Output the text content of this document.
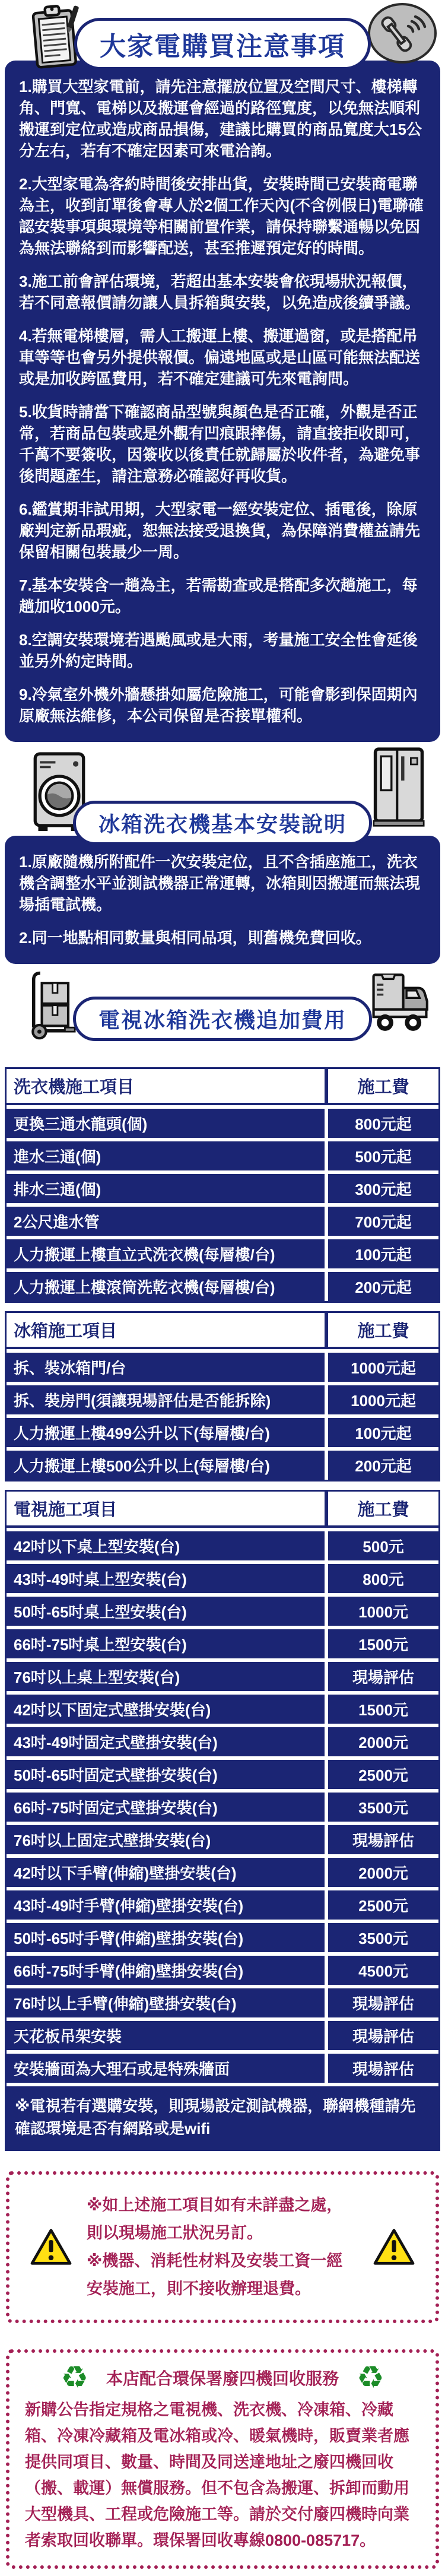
大家電購買注意事項

1.購買大型家電前，請先注意擺放位置及空間尺寸、樓梯轉角、門寬、電梯以及搬運會經過的路徑寬度，以免無法順利搬運到定位或造成商品損傷，建議比購買的商品寬度大15公分左右，若有不確定因素可來電洽詢。

2.大型家電為客約時間後安排出貨，安裝時間已安裝商電聯為主，收到訂單後會專人於2個工作天內(不含例假日)電聯確認安裝事項與環境等相關前置作業，請保持聯繫通暢以免因為無法聯絡到而影響配送，甚至推遲預定好的時間。

3.施工前會評估環境，若超出基本安裝會依現場狀況報價，若不同意報價請勿讓人員拆箱與安裝，以免造成後續爭議。

4.若無電梯樓層，需人工搬運上樓、搬運過窗，或是搭配吊車等等也會另外提供報價。偏遠地區或是山區可能無法配送或是加收跨區費用，若不確定建議可先來電詢問。

5.收貨時請當下確認商品型號與顏色是否正確，外觀是否正常，若商品包裝或是外觀有凹痕跟摔傷，請直接拒收即可，千萬不要簽收，因簽收以後責任就歸屬於收件者，為避免事後問題產生，請注意務必確認好再收貨。

6.鑑賞期非試用期，大型家電一經安裝定位、插電後，除原廠判定新品瑕疵，恕無法接受退換貨，為保障消費權益請先保留相關包裝最少一周。

7.基本安裝含一趟為主，若需勘查或是搭配多次趟施工，每趟加收1000元。

8.空調安裝環境若遇颱風或是大雨，考量施工安全性會延後並另外約定時間。

9.冷氣室外機外牆懸掛如屬危險施工，可能會影到保固期內原廠無法維修，本公司保留是否接單權利。

冰箱洗衣機基本安裝說明

1.原廠隨機所附配件一次安裝定位，且不含插座施工，洗衣機含調整水平並測試機器正常運轉，冰箱則因搬運而無法現場插電試機。

2.同一地點相同數量與相同品項，則舊機免費回收。

電視冰箱洗衣機追加費用
洗衣機施工項目	施工費
更換三通水龍頭(個)	800元起
進水三通(個)	500元起
排水三通(個)	300元起
2公尺進水管	700元起
人力搬運上樓直立式洗衣機(每層樓/台)	100元起
人力搬運上樓滾筒洗乾衣機(每層樓/台)	200元起
冰箱施工項目	施工費
拆、裝冰箱門/台	1000元起
拆、裝房門(須讓現場評估是否能拆除)	1000元起
人力搬運上樓499公升以下(每層樓/台)	100元起
人力搬運上樓500公升以上(每層樓/台)	200元起
電視施工項目	施工費
42吋以下桌上型安裝(台)	500元
43吋-49吋桌上型安裝(台)	800元
50吋-65吋桌上型安裝(台)	1000元
66吋-75吋桌上型安裝(台)	1500元
76吋以上桌上型安裝(台)	現場評估
42吋以下固定式壁掛安裝(台)	1500元
43吋-49吋固定式壁掛安裝(台)	2000元
50吋-65吋固定式壁掛安裝(台)	2500元
66吋-75吋固定式壁掛安裝(台)	3500元
76吋以上固定式壁掛安裝(台)	現場評估
42吋以下手臂(伸縮)壁掛安裝(台)	2000元
43吋-49吋手臂(伸縮)壁掛安裝(台)	2500元
50吋-65吋手臂(伸縮)壁掛安裝(台)	3500元
66吋-75吋手臂(伸縮)壁掛安裝(台)	4500元
76吋以上手臂(伸縮)壁掛安裝(台)	現場評估
天花板吊架安裝	現場評估
安裝牆面為大理石或是特殊牆面	現場評估
※電視若有選購安裝，則現場設定測試機器，聯網機種請先確認環境是否有網路或是wifi

※如上述施工項目如有未詳盡之處，則以現場施工狀況另訂。

※機器、消耗性材料及安裝工資一經安裝施工，則不接收辦理退費。

♻ 本店配合環保署廢四機回收服務 ♻

新購公告指定規格之電視機、洗衣機、冷凍箱、冷藏箱、冷凍冷藏箱及電冰箱或冷、暖氣機時，販賣業者應提供同項目、數量、時間及同送達地址之廢四機回收（搬、載運）無償服務。但不包含為搬運、拆卸而動用大型機具、工程或危險施工等。請於交付廢四機時向業者索取回收聯單。環保署回收專線0800-085717。
